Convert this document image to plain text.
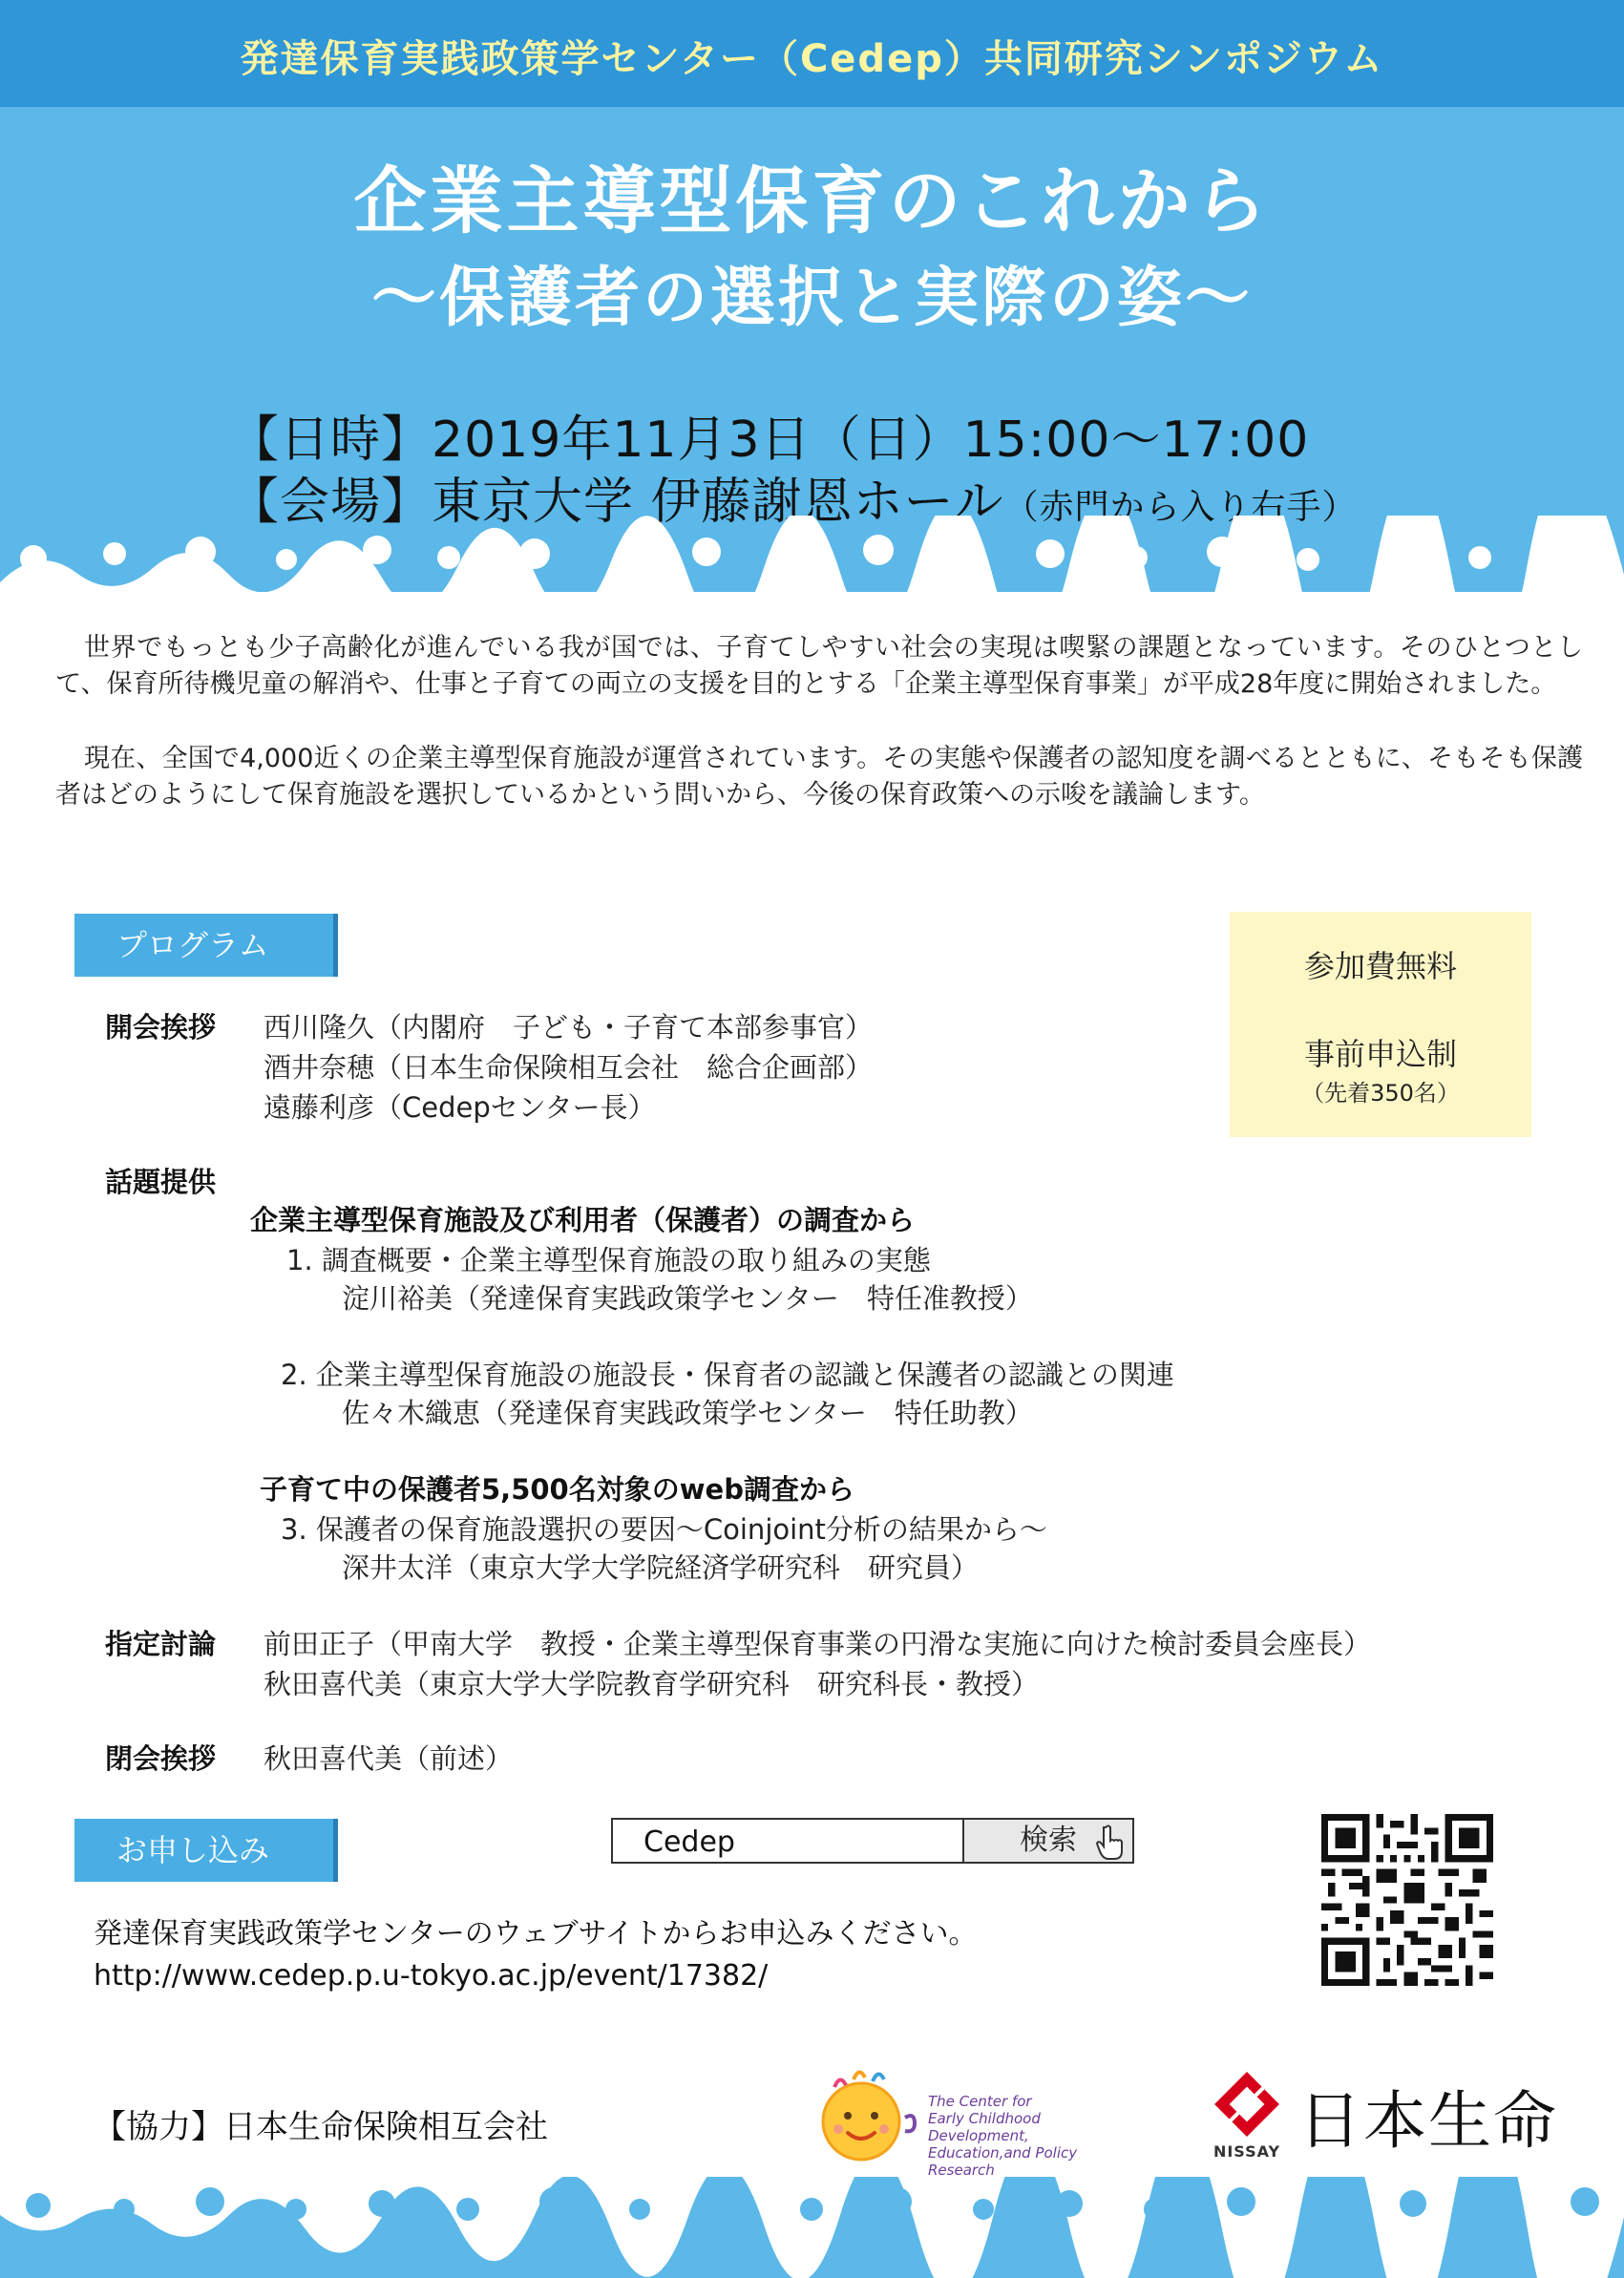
発達保育実践政策学センター（Cedep）共同研究シンポジウム
企業主導型保育のこれから
〜保護者の選択と実際の姿〜
【日時】2019年11月3日（日）15:00〜17:00
【会場】東京大学 伊藤謝恩ホール（赤門から入り右手）
世界でもっとも少子高齢化が進んでいる我が国では、子育てしやすい社会の実現は喫緊の課題となっています。そのひとつとして、保育所待機児童の解消や、仕事と子育ての両立の支援を目的とする「企業主導型保育事業」が平成28年度に開始されました。
現在、全国で4,000近くの企業主導型保育施設が運営されています。その実態や保護者の認知度を調べるとともに、そもそも保護者はどのようにして保育施設を選択しているかという問いから、今後の保育政策への示唆を議論します。
プログラム
参加費無料
事前申込制
（先着350名）
開会挨拶 西川隆久（内閣府　子ども・子育て本部参事官）
酒井奈穂（日本生命保険相互会社　総合企画部）
遠藤利彦（Cedepセンター長）
話題提供
企業主導型保育施設及び利用者（保護者）の調査から
1. 調査概要・企業主導型保育施設の取り組みの実態
淀川裕美（発達保育実践政策学センター　特任准教授）
2. 企業主導型保育施設の施設長・保育者の認識と保護者の認識との関連
佐々木織恵（発達保育実践政策学センター　特任助教）
子育て中の保護者5,500名対象のweb調査から
3. 保護者の保育施設選択の要因〜Coinjoint分析の結果から〜
深井太洋（東京大学大学院経済学研究科　研究員）
指定討論 前田正子（甲南大学　教授・企業主導型保育事業の円滑な実施に向けた検討委員会座長）
秋田喜代美（東京大学大学院教育学研究科　研究科長・教授）
閉会挨拶 秋田喜代美（前述）
お申し込み	Cedep	検索
発達保育実践政策学センターのウェブサイトからお申込みください。
http://www.cedep.p.u-tokyo.ac.jp/event/17382/
【協力】日本生命保険相互会社
The Center for
Early Childhood Development,
Education,and Policy Research
NISSAY 日本生命
